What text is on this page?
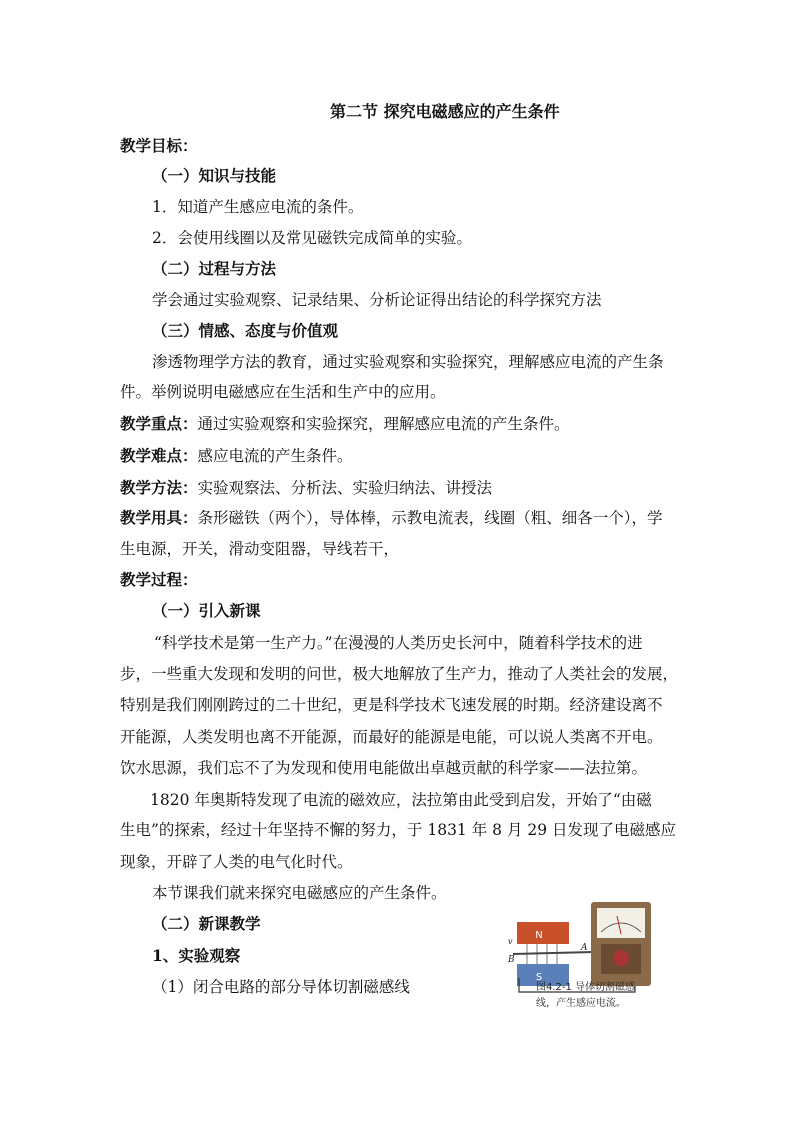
第二节 探究电磁感应的产生条件
教学目标：
（一）知识与技能
1．知道产生感应电流的条件。
2．会使用线圈以及常见磁铁完成简单的实验。
（二）过程与方法
学会通过实验观察、记录结果、分析论证得出结论的科学探究方法
（三）情感、态度与价值观
渗透物理学方法的教育，通过实验观察和实验探究，理解感应电流的产生条
件。举例说明电磁感应在生活和生产中的应用。
教学重点：通过实验观察和实验探究，理解感应电流的产生条件。
教学难点：感应电流的产生条件。
教学方法：实验观察法、分析法、实验归纳法、讲授法
教学用具：条形磁铁（两个），导体棒，示教电流表，线圈（粗、细各一个），学
生电源，开关，滑动变阻器，导线若干，
教学过程：
（一）引入新课
“科学技术是第一生产力。”在漫漫的人类历史长河中，随着科学技术的进
步，一些重大发现和发明的问世，极大地解放了生产力，推动了人类社会的发展，
特别是我们刚刚跨过的二十世纪，更是科学技术飞速发展的时期。经济建设离不
开能源，人类发明也离不开能源，而最好的能源是电能，可以说人类离不开电。
饮水思源，我们忘不了为发现和使用电能做出卓越贡献的科学家——法拉第。
1820 年奥斯特发现了电流的磁效应，法拉第由此受到启发，开始了“由磁
生电”的探索，经过十年坚持不懈的努力，于 1831 年 8 月 29 日发现了电磁感应
现象，开辟了人类的电气化时代。
本节课我们就来探究电磁感应的产生条件。
（二）新课教学
1、实验观察
（1）闭合电路的部分导体切割磁感线
N
S
A
B
v
图4.2-1 导体切割磁感
线，产生感应电流。
